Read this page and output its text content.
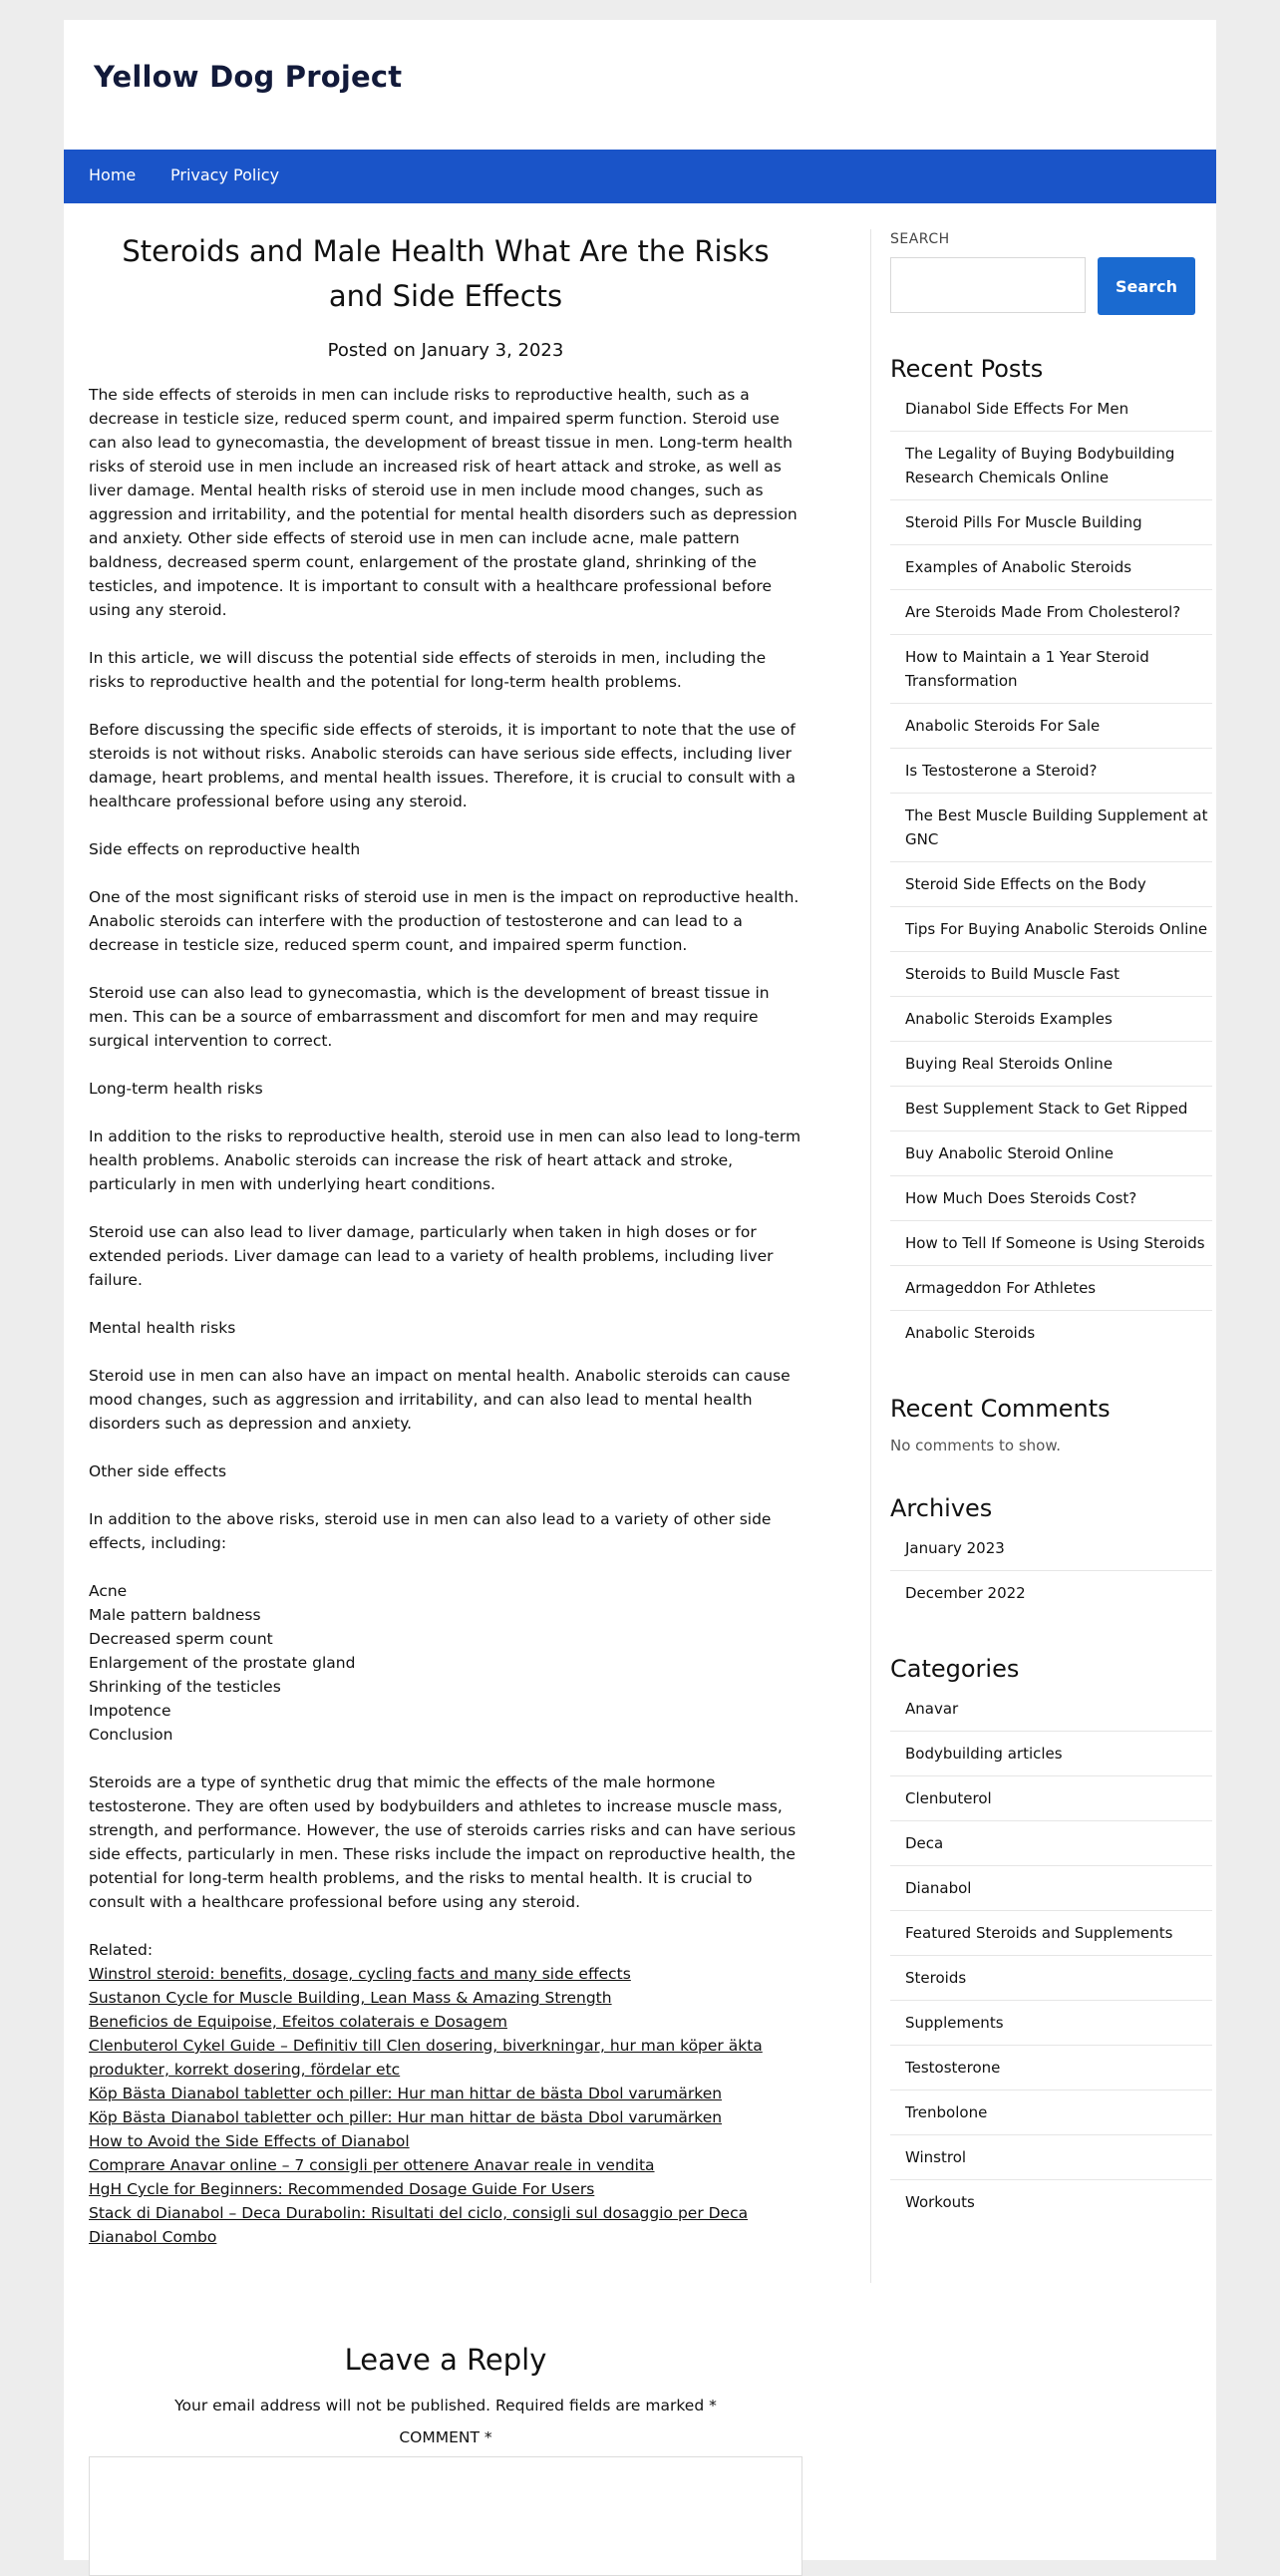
Yellow Dog Project
Home Privacy Policy
Steroids and Male Health What Are the Risks and Side Effects
Posted on January 3, 2023

The side effects of steroids in men can include risks to reproductive health, such as a decrease in testicle size, reduced sperm count, and impaired sperm function. Steroid use can also lead to gynecomastia, the development of breast tissue in men. Long-term health risks of steroid use in men include an increased risk of heart attack and stroke, as well as liver damage. Mental health risks of steroid use in men include mood changes, such as aggression and irritability, and the potential for mental health disorders such as depression and anxiety. Other side effects of steroid use in men can include acne, male pattern baldness, decreased sperm count, enlargement of the prostate gland, shrinking of the testicles, and impotence. It is important to consult with a healthcare professional before using any steroid.

In this article, we will discuss the potential side effects of steroids in men, including the risks to reproductive health and the potential for long-term health problems.

Before discussing the specific side effects of steroids, it is important to note that the use of steroids is not without risks. Anabolic steroids can have serious side effects, including liver damage, heart problems, and mental health issues. Therefore, it is crucial to consult with a healthcare professional before using any steroid.

Side effects on reproductive health

One of the most significant risks of steroid use in men is the impact on reproductive health. Anabolic steroids can interfere with the production of testosterone and can lead to a decrease in testicle size, reduced sperm count, and impaired sperm function.

Steroid use can also lead to gynecomastia, which is the development of breast tissue in men. This can be a source of embarrassment and discomfort for men and may require surgical intervention to correct.

Long-term health risks

In addition to the risks to reproductive health, steroid use in men can also lead to long-term health problems. Anabolic steroids can increase the risk of heart attack and stroke, particularly in men with underlying heart conditions.

Steroid use can also lead to liver damage, particularly when taken in high doses or for extended periods. Liver damage can lead to a variety of health problems, including liver failure.

Mental health risks

Steroid use in men can also have an impact on mental health. Anabolic steroids can cause mood changes, such as aggression and irritability, and can also lead to mental health disorders such as depression and anxiety.

Other side effects

In addition to the above risks, steroid use in men can also lead to a variety of other side effects, including:

Acne
Male pattern baldness
Decreased sperm count
Enlargement of the prostate gland
Shrinking of the testicles
Impotence
Conclusion

Steroids are a type of synthetic drug that mimic the effects of the male hormone testosterone. They are often used by bodybuilders and athletes to increase muscle mass, strength, and performance. However, the use of steroids carries risks and can have serious side effects, particularly in men. These risks include the impact on reproductive health, the potential for long-term health problems, and the risks to mental health. It is crucial to consult with a healthcare professional before using any steroid.

Related:
Winstrol steroid: benefits, dosage, cycling facts and many side effects
Sustanon Cycle for Muscle Building, Lean Mass & Amazing Strength
Beneficios de Equipoise, Efeitos colaterais e Dosagem
Clenbuterol Cykel Guide – Definitiv till Clen dosering, biverkningar, hur man köper äkta produkter, korrekt dosering, fördelar etc
Köp Bästa Dianabol tabletter och piller: Hur man hittar de bästa Dbol varumärken
Köp Bästa Dianabol tabletter och piller: Hur man hittar de bästa Dbol varumärken
How to Avoid the Side Effects of Dianabol
Comprare Anavar online – 7 consigli per ottenere Anavar reale in vendita
HgH Cycle for Beginners: Recommended Dosage Guide For Users
Stack di Dianabol – Deca Durabolin: Risultati del ciclo, consigli sul dosaggio per Deca Dianabol Combo
SEARCH
Search
Recent Posts
Dianabol Side Effects For Men
The Legality of Buying Bodybuilding Research Chemicals Online
Steroid Pills For Muscle Building
Examples of Anabolic Steroids
Are Steroids Made From Cholesterol?
How to Maintain a 1 Year Steroid Transformation
Anabolic Steroids For Sale
Is Testosterone a Steroid?
The Best Muscle Building Supplement at GNC
Steroid Side Effects on the Body
Tips For Buying Anabolic Steroids Online
Steroids to Build Muscle Fast
Anabolic Steroids Examples
Buying Real Steroids Online
Best Supplement Stack to Get Ripped
Buy Anabolic Steroid Online
How Much Does Steroids Cost?
How to Tell If Someone is Using Steroids
Armageddon For Athletes
Anabolic Steroids
Recent Comments
No comments to show.
Archives
January 2023
December 2022
Categories
Anavar
Bodybuilding articles
Clenbuterol
Deca
Dianabol
Featured Steroids and Supplements
Steroids
Supplements
Testosterone
Trenbolone
Winstrol
Workouts
Leave a Reply
Your email address will not be published. Required fields are marked *
COMMENT *
